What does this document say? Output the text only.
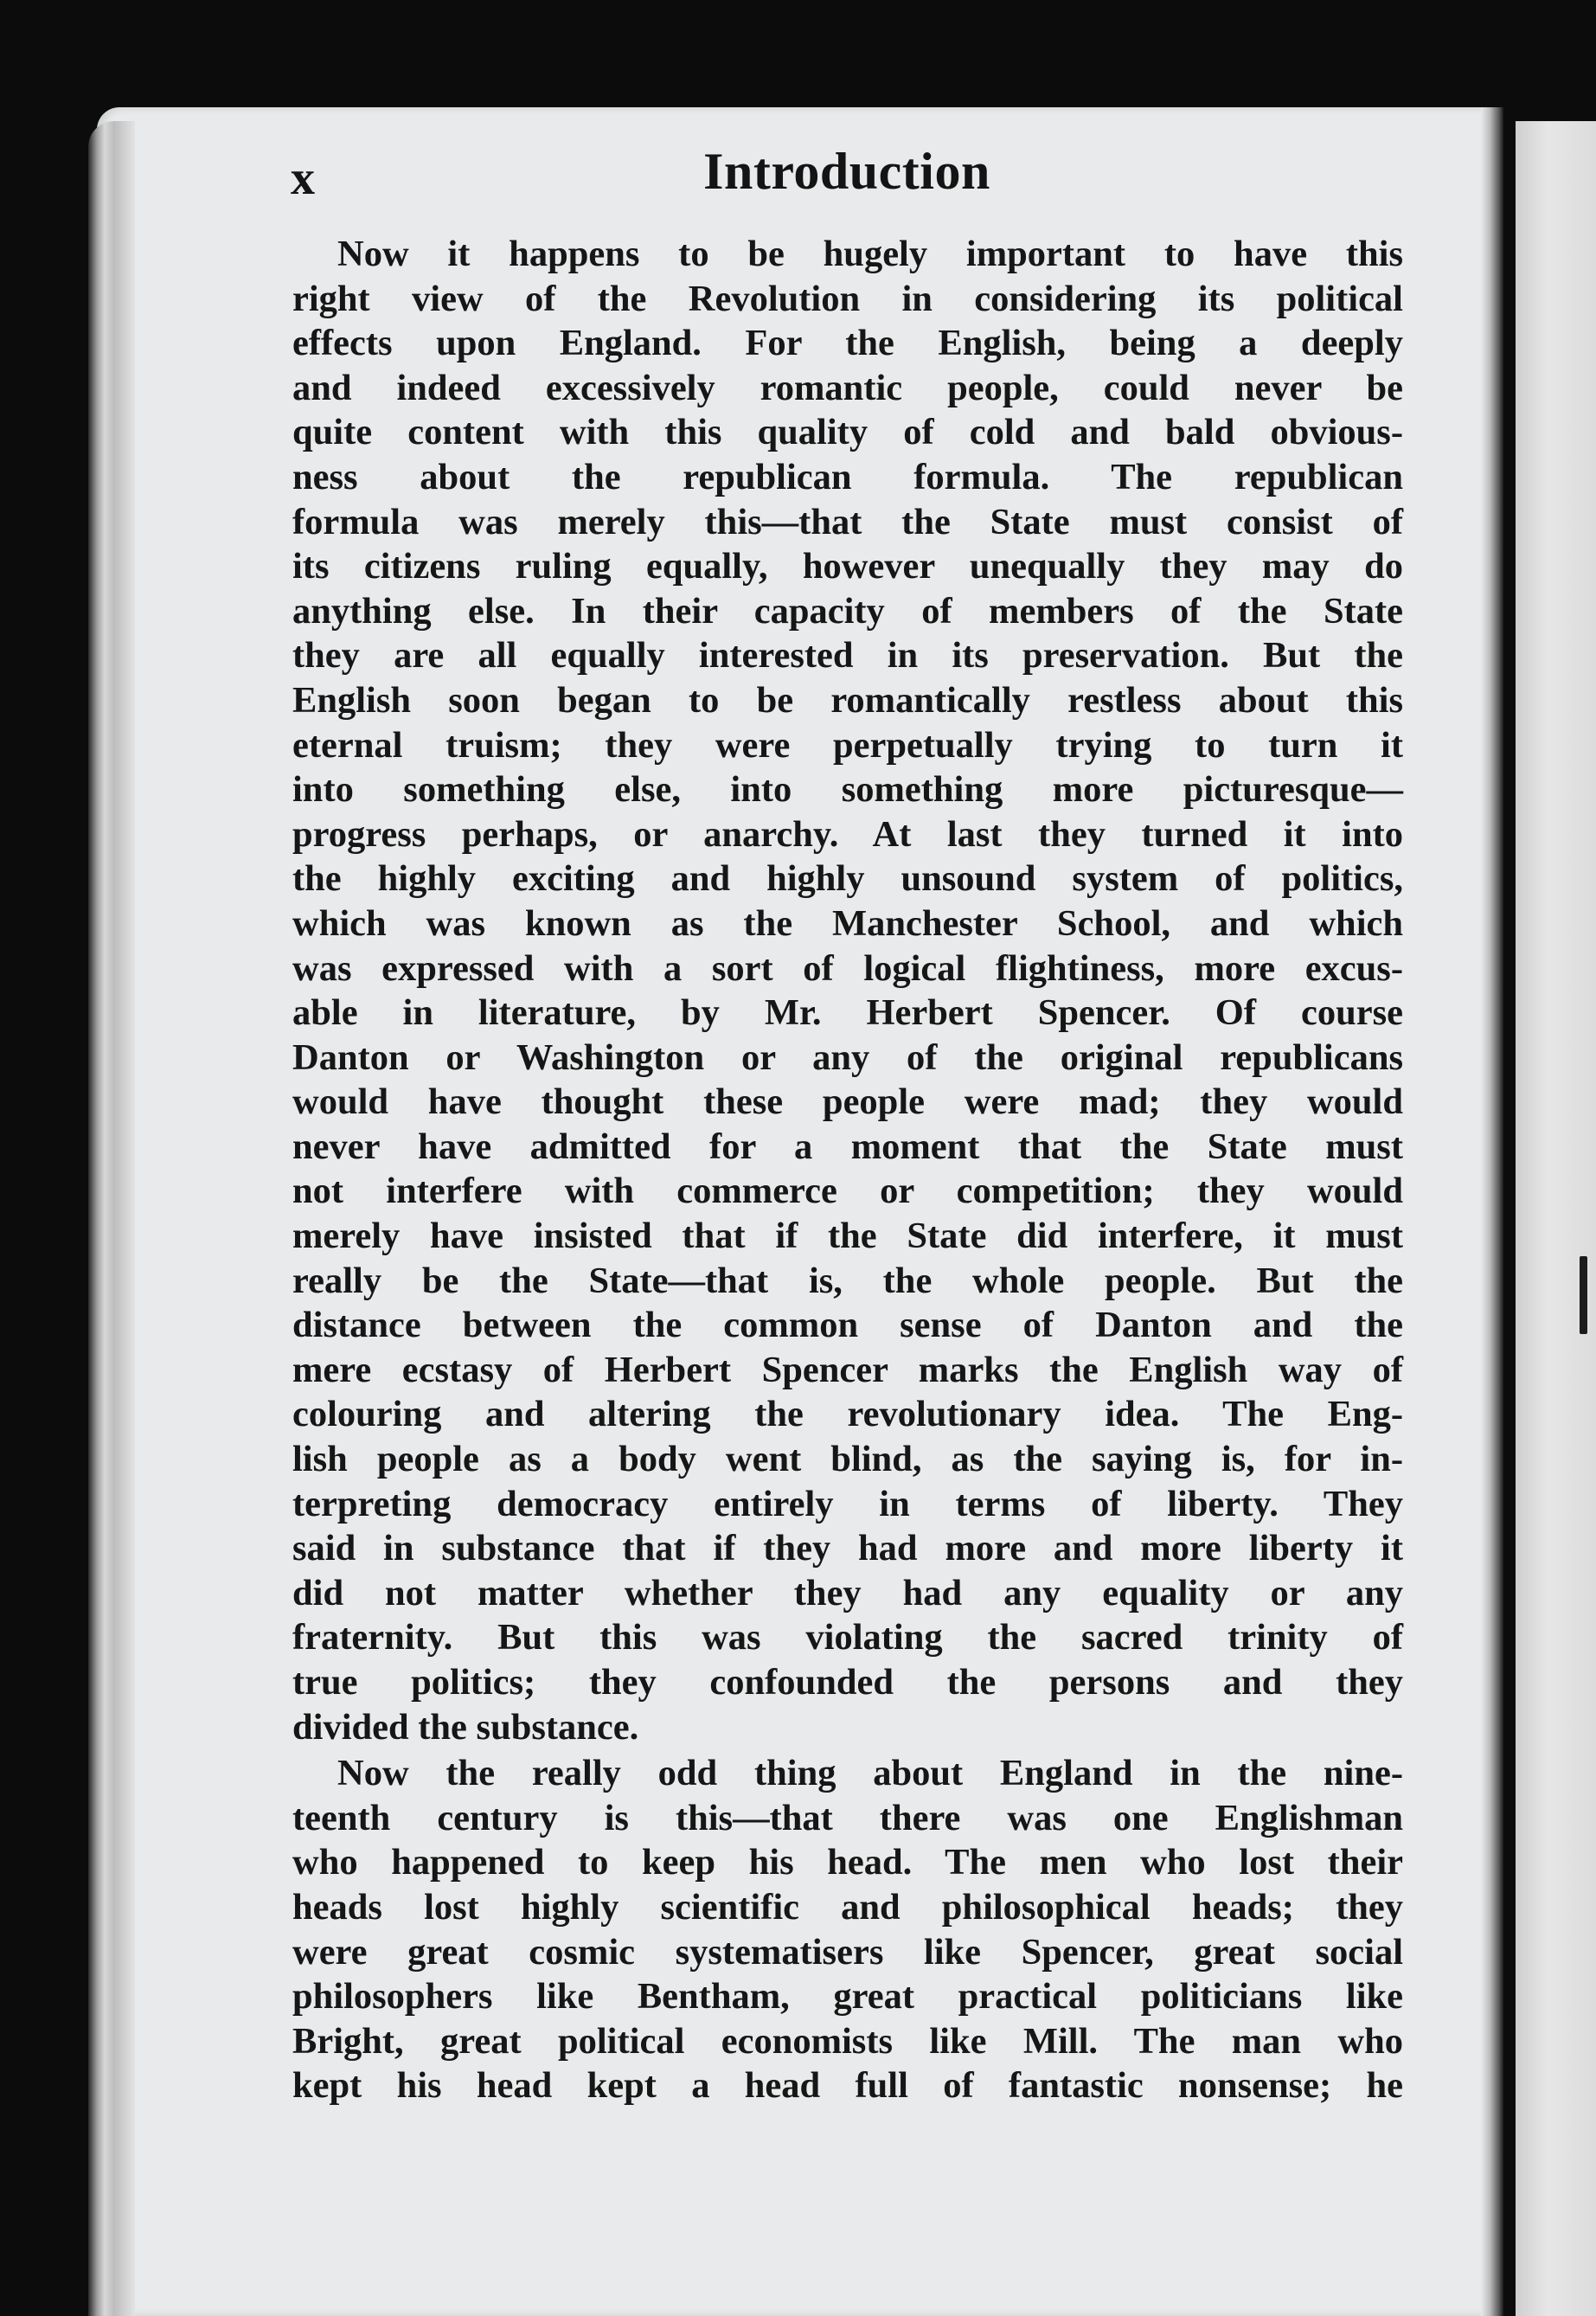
x	Introduction
Now it happens to be hugely important to have this
right view of the Revolution in considering its political
effects upon England. For the English, being a deeply
and indeed excessively romantic people, could never be
quite content with this quality of cold and bald obvious-
ness about the republican formula. The republican
formula was merely this—that the State must consist of
its citizens ruling equally, however unequally they may do
anything else. In their capacity of members of the State
they are all equally interested in its preservation. But the
English soon began to be romantically restless about this
eternal truism; they were perpetually trying to turn it
into something else, into something more picturesque—
progress perhaps, or anarchy. At last they turned it into
the highly exciting and highly unsound system of politics,
which was known as the Manchester School, and which
was expressed with a sort of logical flightiness, more excus-
able in literature, by Mr. Herbert Spencer. Of course
Danton or Washington or any of the original republicans
would have thought these people were mad; they would
never have admitted for a moment that the State must
not interfere with commerce or competition; they would
merely have insisted that if the State did interfere, it must
really be the State—that is, the whole people. But the
distance between the common sense of Danton and the
mere ecstasy of Herbert Spencer marks the English way of
colouring and altering the revolutionary idea. The Eng-
lish people as a body went blind, as the saying is, for in-
terpreting democracy entirely in terms of liberty. They
said in substance that if they had more and more liberty it
did not matter whether they had any equality or any
fraternity. But this was violating the sacred trinity of
true politics; they confounded the persons and they
divided the substance.
Now the really odd thing about England in the nine-
teenth century is this—that there was one Englishman
who happened to keep his head. The men who lost their
heads lost highly scientific and philosophical heads; they
were great cosmic systematisers like Spencer, great social
philosophers like Bentham, great practical politicians like
Bright, great political economists like Mill. The man who
kept his head kept a head full of fantastic nonsense; he
